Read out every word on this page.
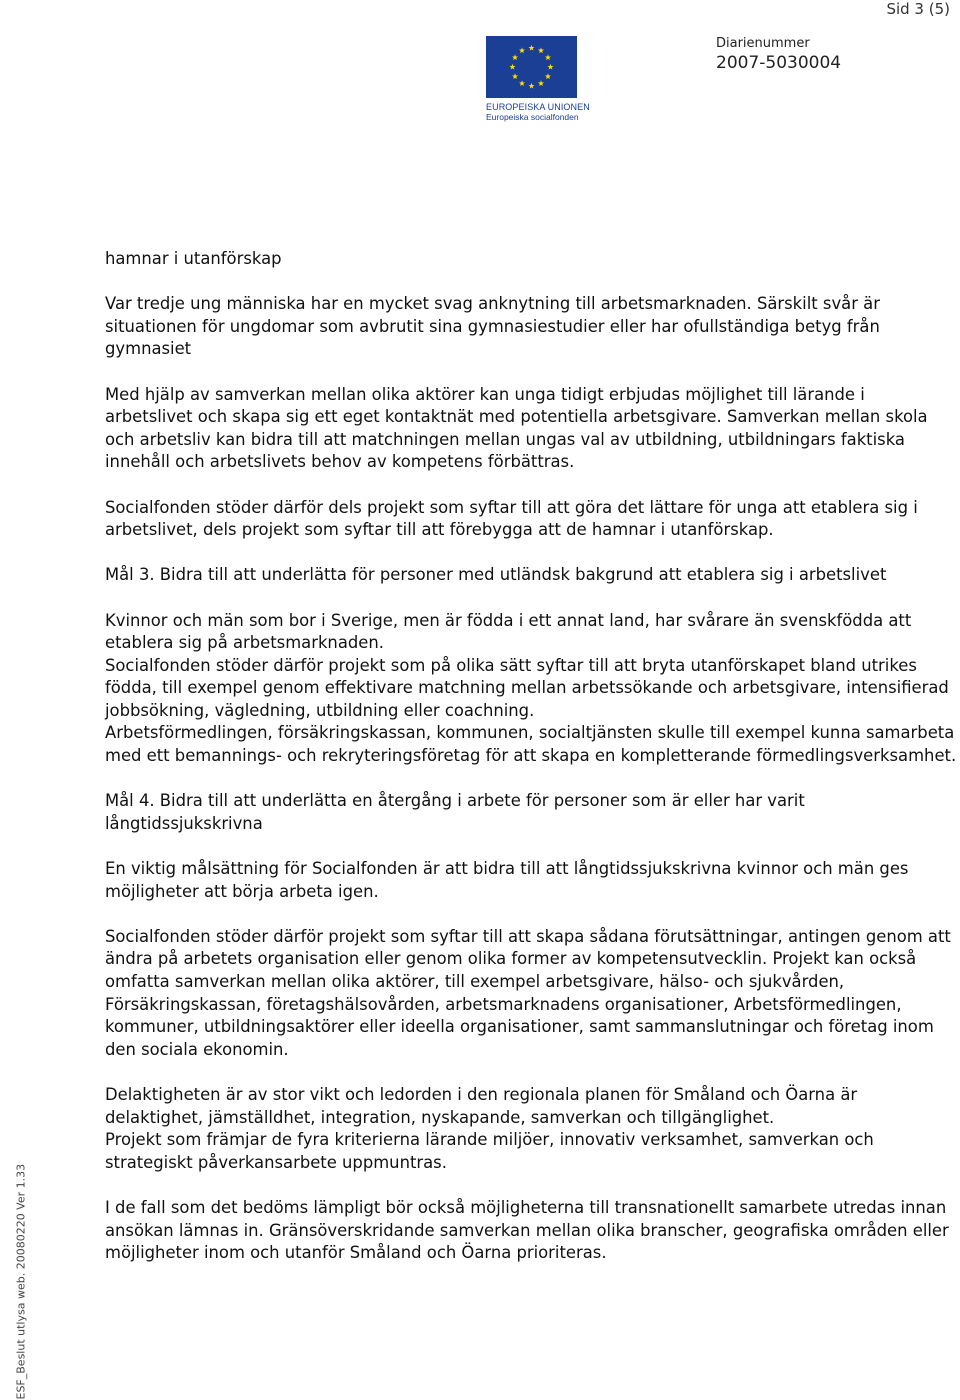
Sid 3 (5)
EUROPEISKA UNIONEN
Europeiska socialfonden
Diarienummer
2007-5030004
ESF_Beslut utlysa web. 20080220 Ver 1.33

hamnar i utanförskap

Var tredje ung människa har en mycket svag anknytning till arbetsmarknaden. Särskilt svår är situationen för ungdomar som avbrutit sina gymnasiestudier eller har ofullständiga betyg från gymnasiet

Med hjälp av samverkan mellan olika aktörer kan unga tidigt erbjudas möjlighet till lärande i arbetslivet och skapa sig ett eget kontaktnät med potentiella arbetsgivare. Samverkan mellan skola och arbetsliv kan bidra till att matchningen mellan ungas val av utbildning, utbildningars faktiska innehåll och arbetslivets behov av kompetens förbättras.

Socialfonden stöder därför dels projekt som syftar till att göra det lättare för unga att etablera sig i arbetslivet, dels projekt som syftar till att förebygga att de hamnar i utanförskap.

Mål 3. Bidra till att underlätta för personer med utländsk bakgrund att etablera sig i arbetslivet

Kvinnor och män som bor i Sverige, men är födda i ett annat land, har svårare än svenskfödda att etablera sig på arbetsmarknaden.

Socialfonden stöder därför projekt som på olika sätt syftar till att bryta utanförskapet bland utrikes födda, till exempel genom effektivare matchning mellan arbetssökande och arbetsgivare, intensifierad jobbsökning, vägledning, utbildning eller coachning.

Arbetsförmedlingen, försäkringskassan, kommunen, socialtjänsten skulle till exempel kunna samarbeta med ett bemannings- och rekryteringsföretag för att skapa en kompletterande förmedlingsverksamhet.

Mål 4. Bidra till att underlätta en återgång i arbete för personer som är eller har varit långtidssjukskrivna

En viktig målsättning för Socialfonden är att bidra till att långtidssjukskrivna kvinnor och män ges möjligheter att börja arbeta igen.

Socialfonden stöder därför projekt som syftar till att skapa sådana förutsättningar, antingen genom att ändra på arbetets organisation eller genom olika former av kompetensutvecklin. Projekt kan också omfatta samverkan mellan olika aktörer, till exempel arbetsgivare, hälso- och sjukvården, Försäkringskassan, företagshälsovården, arbetsmarknadens organisationer, Arbetsförmedlingen, kommuner, utbildningsaktörer eller ideella organisationer, samt sammanslutningar och företag inom den sociala ekonomin.

Delaktigheten är av stor vikt och ledorden i den regionala planen för Småland och Öarna är delaktighet, jämställdhet, integration, nyskapande, samverkan och tillgänglighet.

Projekt som främjar de fyra kriterierna lärande miljöer, innovativ verksamhet, samverkan och strategiskt påverkansarbete uppmuntras.

I de fall som det bedöms lämpligt bör också möjligheterna till transnationellt samarbete utredas innan ansökan lämnas in. Gränsöverskridande samverkan mellan olika branscher, geografiska områden eller möjligheter inom och utanför Småland och Öarna prioriteras.
